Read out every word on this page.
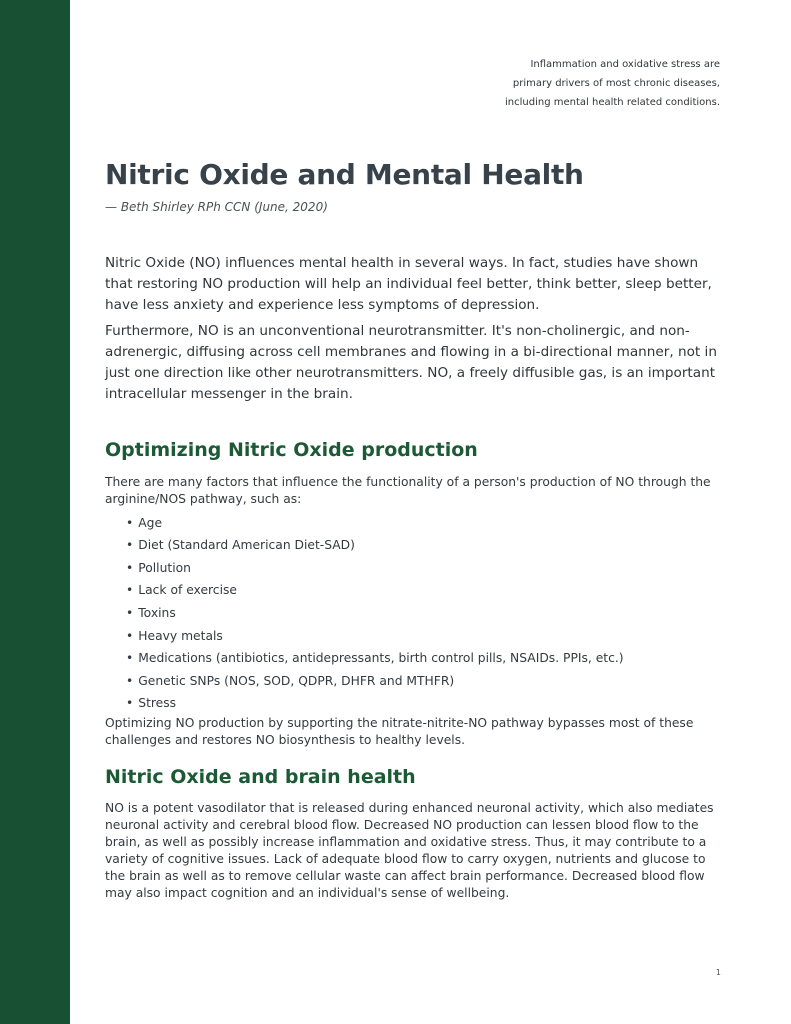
Inflammation and oxidative stress are
primary drivers of most chronic diseases,
including mental health related conditions.
Nitric Oxide and Mental Health

— Beth Shirley RPh CCN (June, 2020)

Nitric Oxide (NO) influences mental health in several ways. In fact, studies have shown that restoring NO production will help an individual feel better, think better, sleep better, have less anxiety and experience less symptoms of depression.

Furthermore, NO is an unconventional neurotransmitter. It's non-cholinergic, and non-adrenergic, diffusing across cell membranes and flowing in a bi-directional manner, not in just one direction like other neurotransmitters. NO, a freely diffusible gas, is an important intracellular messenger in the brain.

Optimizing Nitric Oxide production

There are many factors that influence the functionality of a person's production of NO through the arginine/NOS pathway, such as:

• Age
• Diet (Standard American Diet-SAD)
• Pollution
• Lack of exercise
• Toxins
• Heavy metals
• Medications (antibiotics, antidepressants, birth control pills, NSAIDs. PPIs, etc.)
• Genetic SNPs (NOS, SOD, QDPR, DHFR and MTHFR)
• Stress

Optimizing NO production by supporting the nitrate-nitrite-NO pathway bypasses most of these challenges and restores NO biosynthesis to healthy levels.

Nitric Oxide and brain health

NO is a potent vasodilator that is released during enhanced neuronal activity, which also mediates neuronal activity and cerebral blood flow. Decreased NO production can lessen blood flow to the brain, as well as possibly increase inflammation and oxidative stress. Thus, it may contribute to a variety of cognitive issues. Lack of adequate blood flow to carry oxygen, nutrients and glucose to the brain as well as to remove cellular waste can affect brain performance. Decreased blood flow may also impact cognition and an individual's sense of wellbeing.

1
